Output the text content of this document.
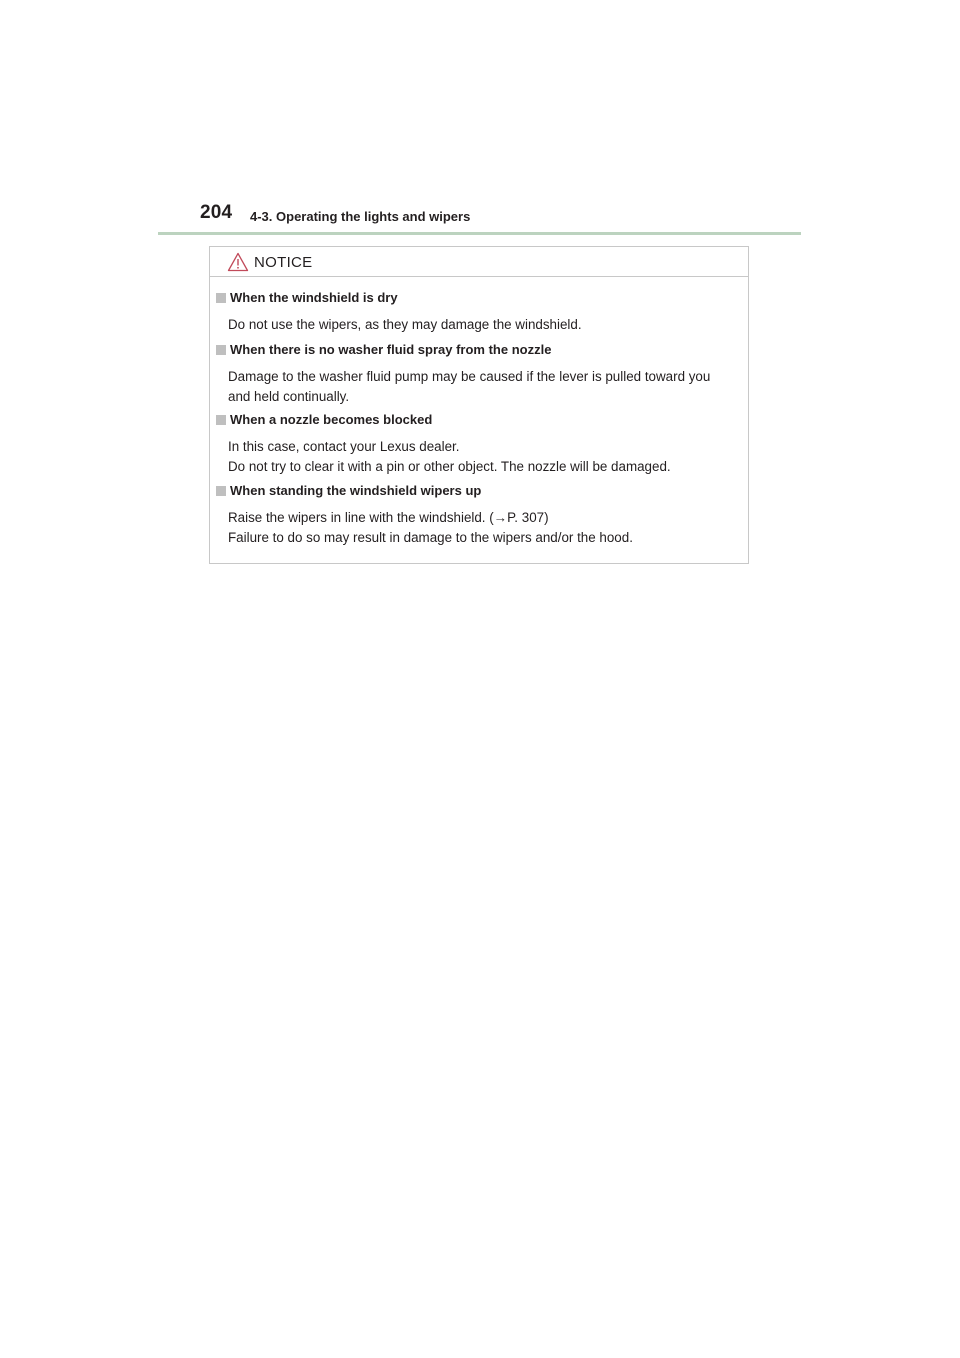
204 4-3. Operating the lights and wipers
NOTICE
When the windshield is dry
Do not use the wipers, as they may damage the windshield.
When there is no washer fluid spray from the nozzle
Damage to the washer fluid pump may be caused if the lever is pulled toward you
and held continually.
When a nozzle becomes blocked
In this case, contact your Lexus dealer.
Do not try to clear it with a pin or other object. The nozzle will be damaged.
When standing the windshield wipers up
Raise the wipers in line with the windshield. (→P. 307)
Failure to do so may result in damage to the wipers and/or the hood.
